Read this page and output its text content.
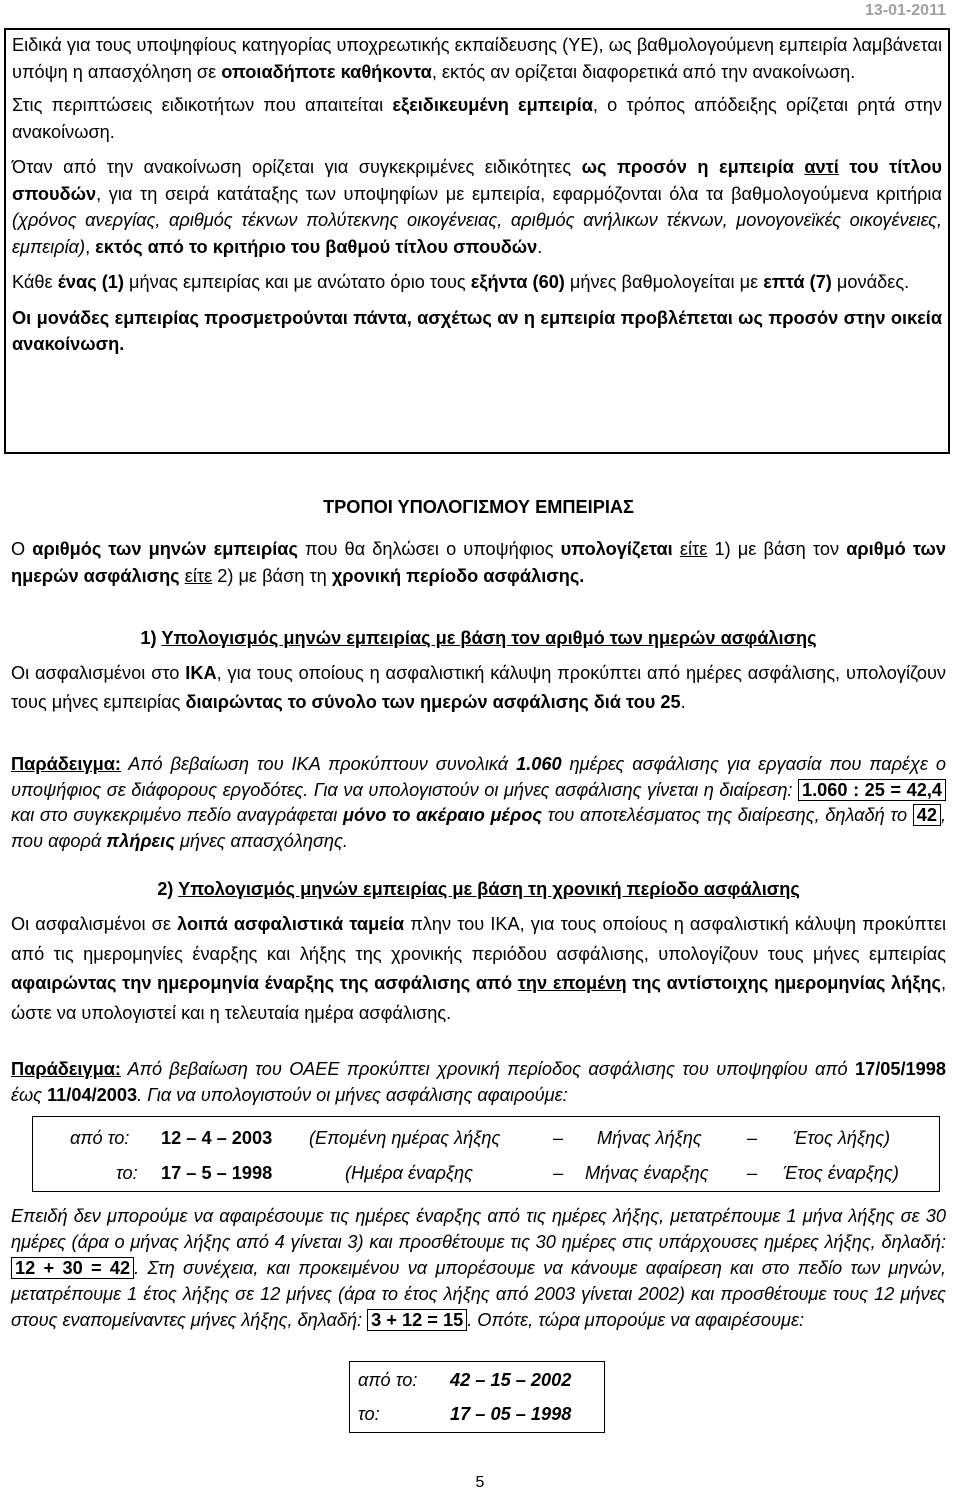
13-01-2011

Ειδικά για τους υποψηφίους κατηγορίας υποχρεωτικής εκπαίδευσης (ΥΕ), ως βαθμολογούμενη εμπειρία λαμβάνεται υπόψη η απασχόληση σε οποιαδήποτε καθήκοντα, εκτός αν ορίζεται διαφορετικά από την ανακοίνωση.

Στις περιπτώσεις ειδικοτήτων που απαιτείται εξειδικευμένη εμπειρία, ο τρόπος απόδειξης ορίζεται ρητά στην ανακοίνωση.

Όταν από την ανακοίνωση ορίζεται για συγκεκριμένες ειδικότητες ως προσόν η εμπειρία αντί του τίτλου σπουδών, για τη σειρά κατάταξης των υποψηφίων με εμπειρία, εφαρμόζονται όλα τα βαθμολογούμενα κριτήρια (χρόνος ανεργίας, αριθμός τέκνων πολύτεκνης οικογένειας, αριθμός ανήλικων τέκνων, μονογονεϊκές οικογένειες, εμπειρία), εκτός από το κριτήριο του βαθμού τίτλου σπουδών.

Κάθε ένας (1) μήνας εμπειρίας και με ανώτατο όριο τους εξήντα (60) μήνες βαθμολογείται με επτά (7) μονάδες.

Οι μονάδες εμπειρίας προσμετρούνται πάντα, ασχέτως αν η εμπειρία προβλέπεται ως προσόν στην οικεία ανακοίνωση.

ΤΡΟΠΟΙ ΥΠΟΛΟΓΙΣΜΟΥ ΕΜΠΕΙΡΙΑΣ

Ο αριθμός των μηνών εμπειρίας που θα δηλώσει ο υποψήφιος υπολογίζεται είτε 1) με βάση τον αριθμό των ημερών ασφάλισης είτε 2) με βάση τη χρονική περίοδο ασφάλισης.

1) Υπολογισμός μηνών εμπειρίας με βάση τον αριθμό των ημερών ασφάλισης

Οι ασφαλισμένοι στο ΙΚΑ, για τους οποίους η ασφαλιστική κάλυψη προκύπτει από ημέρες ασφάλισης, υπολογίζουν τους μήνες εμπειρίας διαιρώντας το σύνολο των ημερών ασφάλισης διά του 25.

Παράδειγμα: Από βεβαίωση του ΙΚΑ προκύπτουν συνολικά 1.060 ημέρες ασφάλισης για εργασία που παρέχε ο υποψήφιος σε διάφορους εργοδότες. Για να υπολογιστούν οι μήνες ασφάλισης γίνεται η διαίρεση: 1.060 : 25 = 42,4 και στο συγκεκριμένο πεδίο αναγράφεται μόνο το ακέραιο μέρος του αποτελέσματος της διαίρεσης, δηλαδή το 42 , που αφορά πλήρεις μήνες απασχόλησης.

2) Υπολογισμός μηνών εμπειρίας με βάση τη χρονική περίοδο ασφάλισης

Οι ασφαλισμένοι σε λοιπά ασφαλιστικά ταμεία πλην του ΙΚΑ, για τους οποίους η ασφαλιστική κάλυψη προκύπτει από τις ημερομηνίες έναρξης και λήξης της χρονικής περιόδου ασφάλισης, υπολογίζουν τους μήνες εμπειρίας αφαιρώντας την ημερομηνία έναρξης της ασφάλισης από την επομένη της αντίστοιχης ημερομηνίας λήξης, ώστε να υπολογιστεί και η τελευταία ημέρα ασφάλισης.

Παράδειγμα: Από βεβαίωση του ΟΑΕΕ προκύπτει χρονική περίοδος ασφάλισης του υποψηφίου από 17/05/1998 έως 11/04/2003. Για να υπολογιστούν οι μήνες ασφάλισης αφαιρούμε:

από το: 12 – 4 – 2003 (Επομένη ημέρας λήξης	– Μήνας λήξης – Έτος λήξης)
το: 17 – 5 – 1998	(Ημέρα έναρξης	– Μήνας έναρξης – Έτος έναρξης)

Επειδή δεν μπορούμε να αφαιρέσουμε τις ημέρες έναρξης από τις ημέρες λήξης, μετατρέπουμε 1 μήνα λήξης σε 30 ημέρες (άρα ο μήνας λήξης από 4 γίνεται 3) και προσθέτουμε τις 30 ημέρες στις υπάρχουσες ημέρες λήξης, δηλαδή: 12 + 30 = 42 . Στη συνέχεια, και προκειμένου να μπορέσουμε να κάνουμε αφαίρεση και στο πεδίο των μηνών, μετατρέπουμε 1 έτος λήξης σε 12 μήνες (άρα το έτος λήξης από 2003 γίνεται 2002) και προσθέτουμε τους 12 μήνες στους εναπομείναντες μήνες λήξης, δηλαδή: 3 + 12 = 15 . Οπότε, τώρα μπορούμε να αφαιρέσουμε:

από το: 42 – 15 – 2002
το:	17 – 05 – 1998
5
